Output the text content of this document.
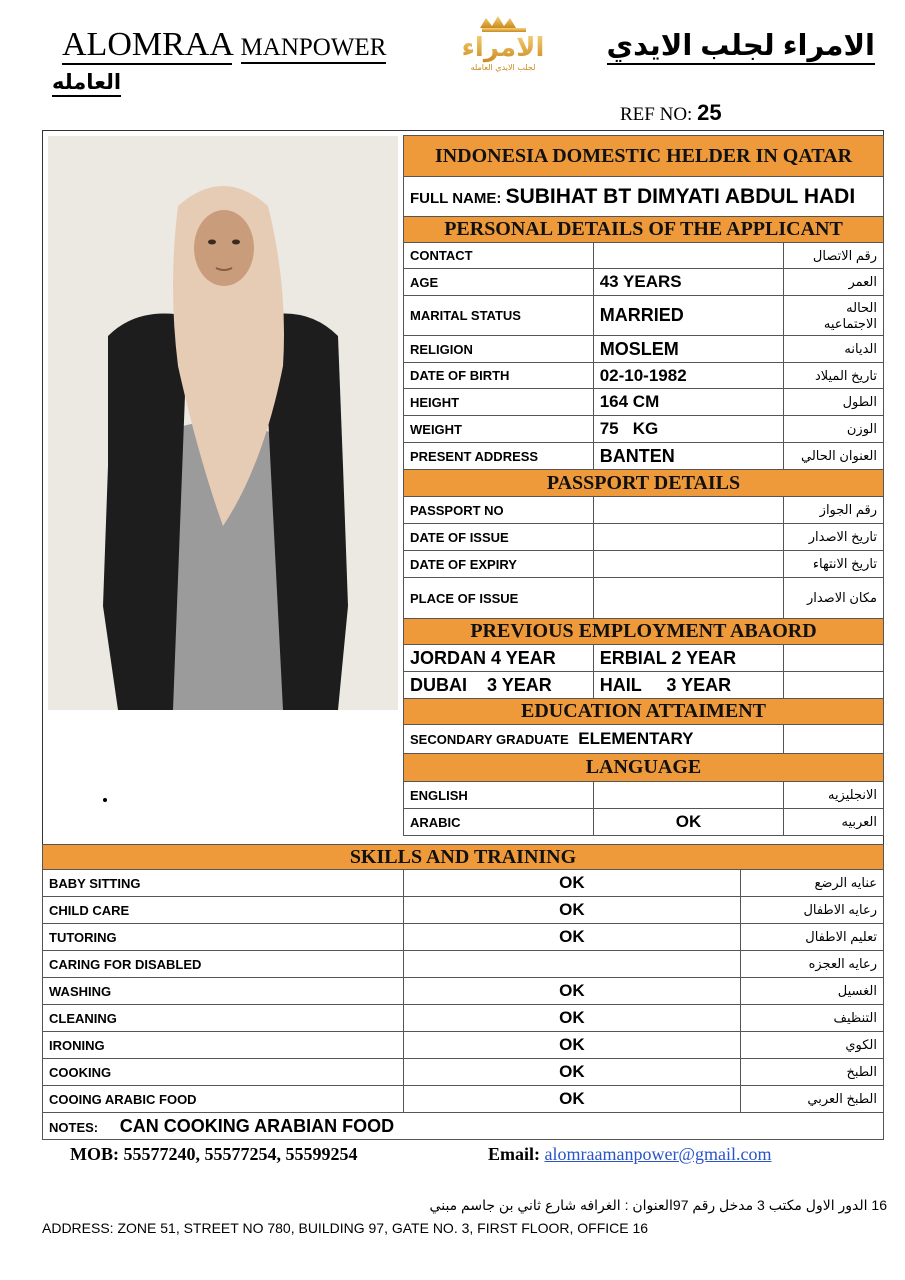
ALOMRAA MANPOWER	الامراء
لجلب الايدي العامله
الامراء لجلب الايدي
العامله
REF NO: 25
INDONESIA DOMESTIC HELDER IN QATAR		
FULL NAME: SUBIHAT BT DIMYATI ABDUL HADI		
PERSONAL DETAILS OF THE APPLICANT		
CONTACT		رقم الاتصال
AGE	43 YEARS	العمر
MARITAL STATUS	MARRIED	الحاله الاجتماعيه
RELIGION	MOSLEM	الديانه
DATE OF BIRTH	02-10-1982	تاريخ الميلاد
HEIGHT	164 CM	الطول
WEIGHT	75   KG	الوزن
PRESENT ADDRESS	BANTEN	العنوان الحالي
PASSPORT DETAILS		
PASSPORT NO		رقم الجواز
DATE OF ISSUE		تاريخ الاصدار
DATE OF EXPIRY		تاريخ الانتهاء
PLACE OF ISSUE		مكان الاصدار
PREVIOUS EMPLOYMENT ABAORD		
JORDAN 4 YEAR	ERBIAL 2 YEAR	
DUBAI    3 YEAR	HAIL     3 YEAR	
EDUCATION ATTAIMENT		
SECONDARY GRADUATE ELEMENTARY		
LANGUAGE		
ENGLISH		الانجليزيه
ARABIC	OK	العربيه
SKILLS AND TRAINING		
BABY SITTING	OK	عنايه الرضع
CHILD CARE	OK	رعايه الاطفال
TUTORING	OK	تعليم الاطفال
CARING FOR DISABLED		رعايه العجزه
WASHING	OK	الغسيل
CLEANING	OK	التنظيف
IRONING	OK	الكوي
COOKING	OK	الطبخ
COOING ARABIC FOOD	OK	الطبخ العربي
NOTES: CAN COOKING ARABIAN FOOD		
MOB: 55577240, 55577254, 55599254	Email: alomraamanpower@gmail.com
16 الدور الاول مكتب 3 مدخل رقم 97العنوان : الغرافه شارع ثاني بن جاسم مبني
ADDRESS: ZONE 51, STREET NO 780, BUILDING 97, GATE NO. 3, FIRST FLOOR, OFFICE 16
